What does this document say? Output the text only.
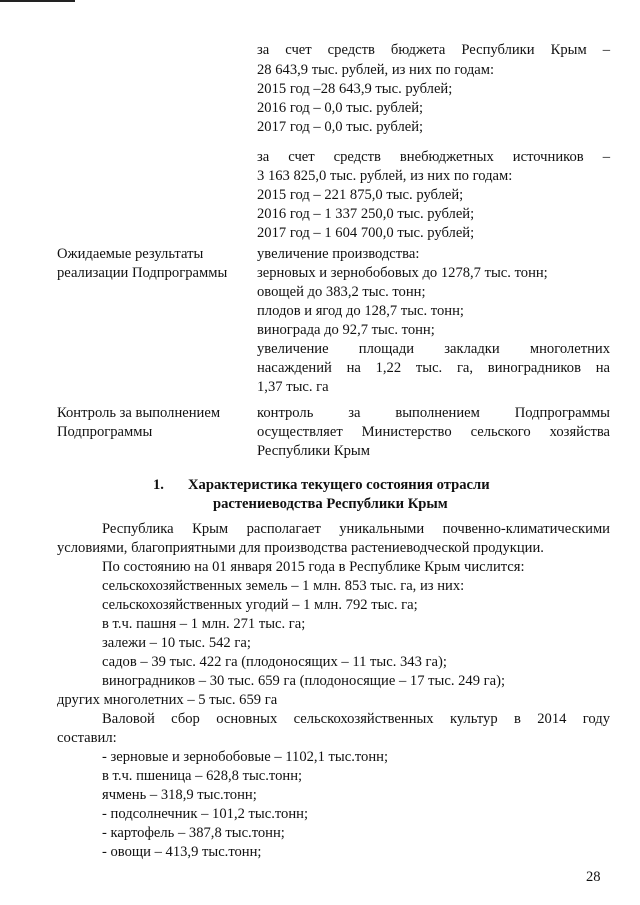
за счет средств бюджета Республики Крым –
28 643,9 тыс. рублей, из них по годам:
2015 год –28 643,9 тыс. рублей;
2016 год – 0,0 тыс. рублей;
2017 год – 0,0 тыс. рублей;
за счет средств внебюджетных источников –
3 163 825,0 тыс. рублей, из них по годам:
2015 год – 221 875,0 тыс. рублей;
2016 год – 1 337 250,0 тыс. рублей;
2017 год – 1 604 700,0 тыс. рублей;
Ожидаемые результаты
реализации Подпрограммы
увеличение производства:
зерновых и зернобобовых до 1278,7 тыс. тонн;
овощей до 383,2 тыс. тонн;
плодов и ягод до 128,7 тыс. тонн;
винограда до 92,7 тыс. тонн;
увеличение площади закладки многолетних
насаждений на 1,22 тыс. га, виноградников на
1,37 тыс. га
Контроль за выполнением
Подпрограммы
контроль за выполнением Подпрограммы
осуществляет Министерство сельского хозяйства
Республики Крым
1. Характеристика текущего состояния отрасли
растениеводства Республики Крым
Республика Крым располагает уникальными почвенно-климатическими
условиями, благоприятными для производства растениеводческой продукции.
По состоянию на 01 января 2015 года в Республике Крым числится:
сельскохозяйственных земель – 1 млн. 853 тыс. га, из них:
сельскохозяйственных угодий – 1 млн. 792 тыс. га;
в т.ч. пашня – 1 млн. 271 тыс. га;
залежи – 10 тыс. 542 га;
садов – 39 тыс. 422 га (плодоносящих – 11 тыс. 343 га);
виноградников – 30 тыс. 659 га (плодоносящие – 17 тыс. 249 га);
других многолетних – 5 тыс. 659 га
Валовой сбор основных сельскохозяйственных культур в 2014 году
составил:
- зерновые и зернобобовые – 1102,1 тыс.тонн;
в т.ч. пшеница – 628,8 тыс.тонн;
ячмень – 318,9 тыс.тонн;
- подсолнечник – 101,2 тыс.тонн;
- картофель – 387,8 тыс.тонн;
- овощи – 413,9 тыс.тонн;
28
